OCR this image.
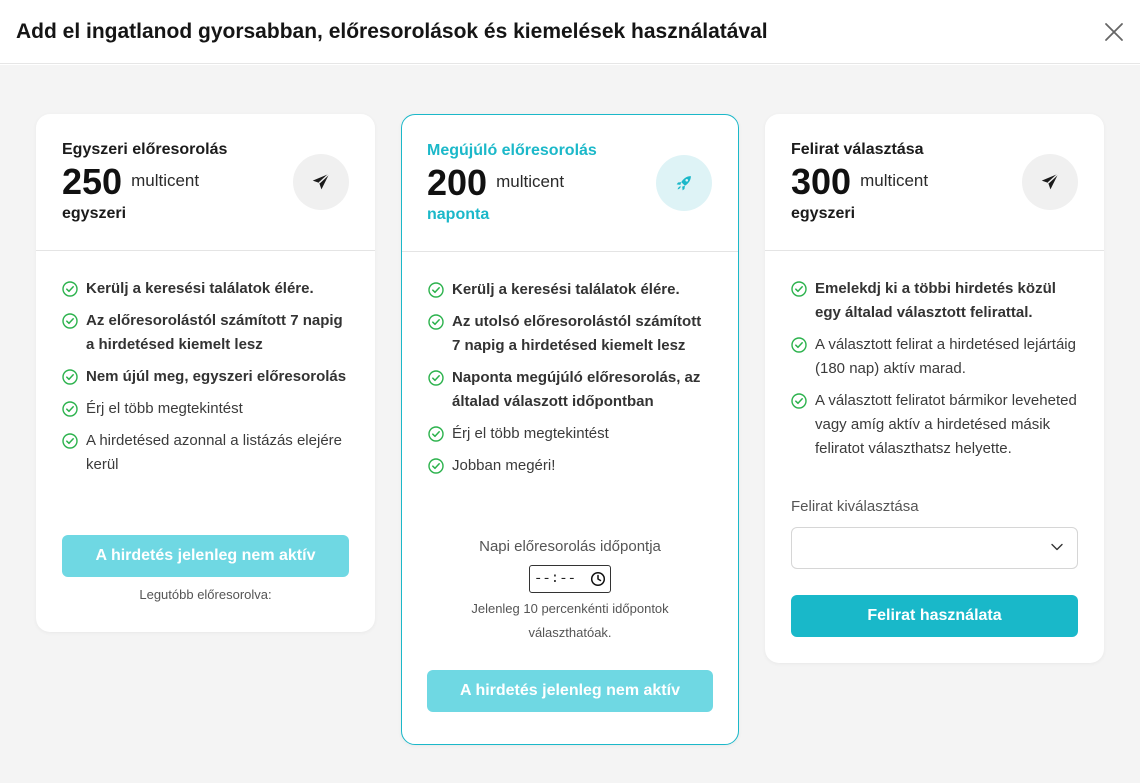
Add el ingatlanod gyorsabban, előresorolások és kiemelések használatával
Egyszeri előresorolás
250 multicent
egyszeri
Kerülj a keresési találatok élére.
Az előresorolástól számított 7 napig a hirdetésed kiemelt lesz
Nem újúl meg, egyszeri előresorolás
Érj el több megtekintést
A hirdetésed azonnal a listázás elejére kerül
A hirdetés jelenleg nem aktív
Legutóbb előresorolva:
Megújúló előresorolás
200 multicent
naponta
Kerülj a keresési találatok élére.
Az utolsó előresorolástól számított 7 napig a hirdetésed kiemelt lesz
Naponta megújúló előresorolás, az általad válaszott időpontban
Érj el több megtekintést
Jobban megéri!
Napi előresorolás időpontja
--:--
Jelenleg 10 percenkénti időpontok választhatóak.
A hirdetés jelenleg nem aktív
Felirat választása
300 multicent
egyszeri
Emelekdj ki a többi hirdetés közül egy általad választott felirattal.
A választott felirat a hirdetésed lejártáig (180 nap) aktív marad.
A választott feliratot bármikor leveheted vagy amíg aktív a hirdetésed másik feliratot választhatsz helyette.
Felirat kiválasztása
Felirat használata
